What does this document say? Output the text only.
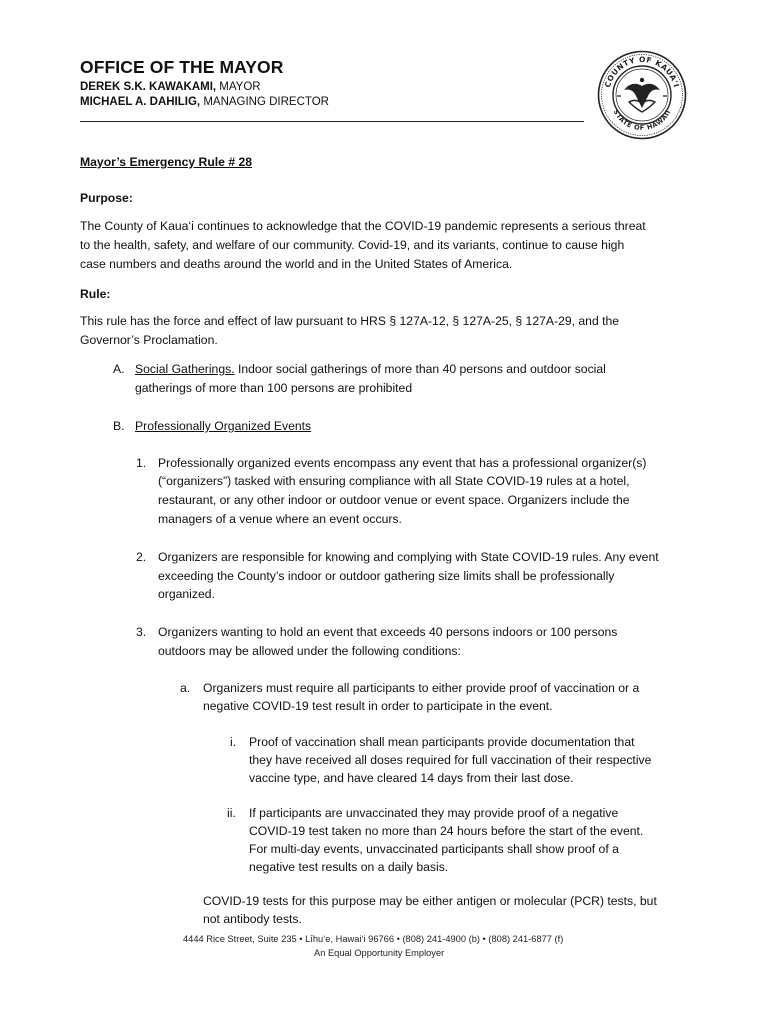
OFFICE OF THE MAYOR
DEREK S.K. KAWAKAMI, MAYOR
MICHAEL A. DAHILIG, MANAGING DIRECTOR
COUNTY OF KAUA'I
STATE OF HAWAII
Mayor’s Emergency Rule # 28
Purpose:
The County of Kaua‘i continues to acknowledge that the COVID-19 pandemic represents a serious threat
to the health, safety, and welfare of our community. Covid-19, and its variants, continue to cause high
case numbers and deaths around the world and in the United States of America.
Rule:
This rule has the force and effect of law pursuant to HRS § 127A-12, § 127A-25, § 127A-29, and the
Governor’s Proclamation.
A. Social Gatherings. Indoor social gatherings of more than 40 persons and outdoor social
gatherings of more than 100 persons are prohibited
B. Professionally Organized Events
1. Professionally organized events encompass any event that has a professional organizer(s)
(“organizers”) tasked with ensuring compliance with all State COVID-19 rules at a hotel,
restaurant, or any other indoor or outdoor venue or event space. Organizers include the
managers of a venue where an event occurs.
2. Organizers are responsible for knowing and complying with State COVID-19 rules. Any event
exceeding the County’s indoor or outdoor gathering size limits shall be professionally
organized.
3. Organizers wanting to hold an event that exceeds 40 persons indoors or 100 persons
outdoors may be allowed under the following conditions:
a. Organizers must require all participants to either provide proof of vaccination or a
negative COVID-19 test result in order to participate in the event.
i. Proof of vaccination shall mean participants provide documentation that
they have received all doses required for full vaccination of their respective
vaccine type, and have cleared 14 days from their last dose.
ii. If participants are unvaccinated they may provide proof of a negative
COVID-19 test taken no more than 24 hours before the start of the event.
For multi-day events, unvaccinated participants shall show proof of a
negative test results on a daily basis.
COVID-19 tests for this purpose may be either antigen or molecular (PCR) tests, but
not antibody tests.
4444 Rice Street, Suite 235 • Līhu‘e, Hawai‘i 96766 • (808) 241-4900 (b) • (808) 241-6877 (f)
An Equal Opportunity Employer
